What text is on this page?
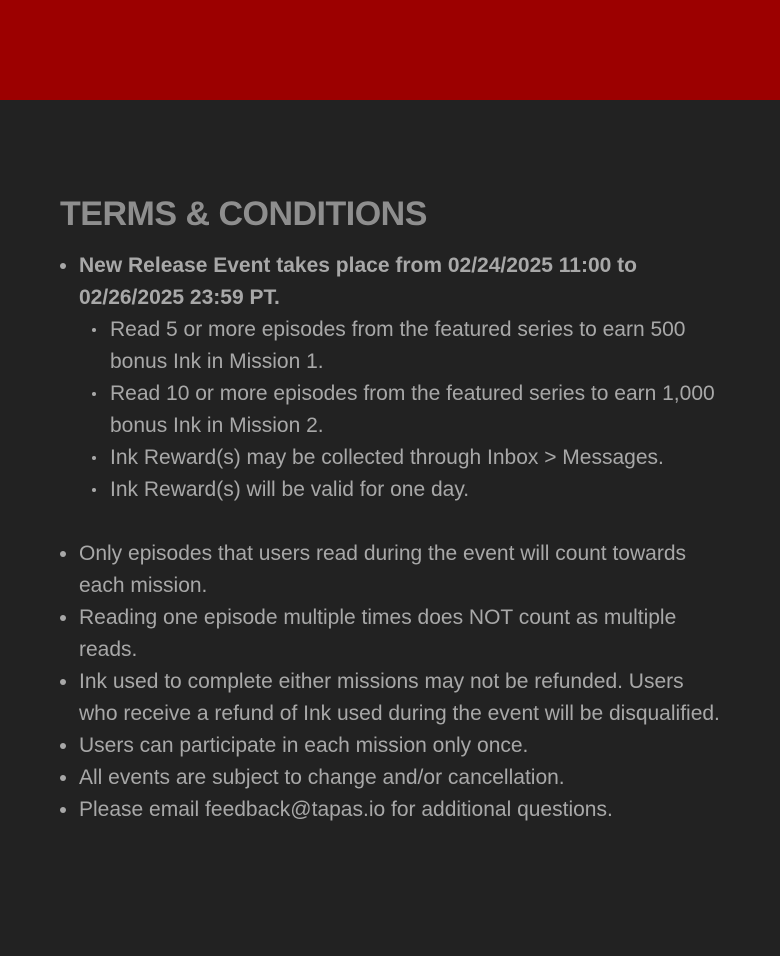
TERMS & CONDITIONS
New Release Event takes place from 02/24/2025 11:00 to 02/26/2025 23:59 PT.
Read 5 or more episodes from the featured series to earn 500 bonus Ink in Mission 1.
Read 10 or more episodes from the featured series to earn 1,000 bonus Ink in Mission 2.
Ink Reward(s) may be collected through Inbox > Messages.
Ink Reward(s) will be valid for one day.
Only episodes that users read during the event will count towards each mission.
Reading one episode multiple times does NOT count as multiple reads.
Ink used to complete either missions may not be refunded. Users who receive a refund of Ink used during the event will be disqualified.
Users can participate in each mission only once.
All events are subject to change and/or cancellation.
Please email feedback@tapas.io for additional questions.
